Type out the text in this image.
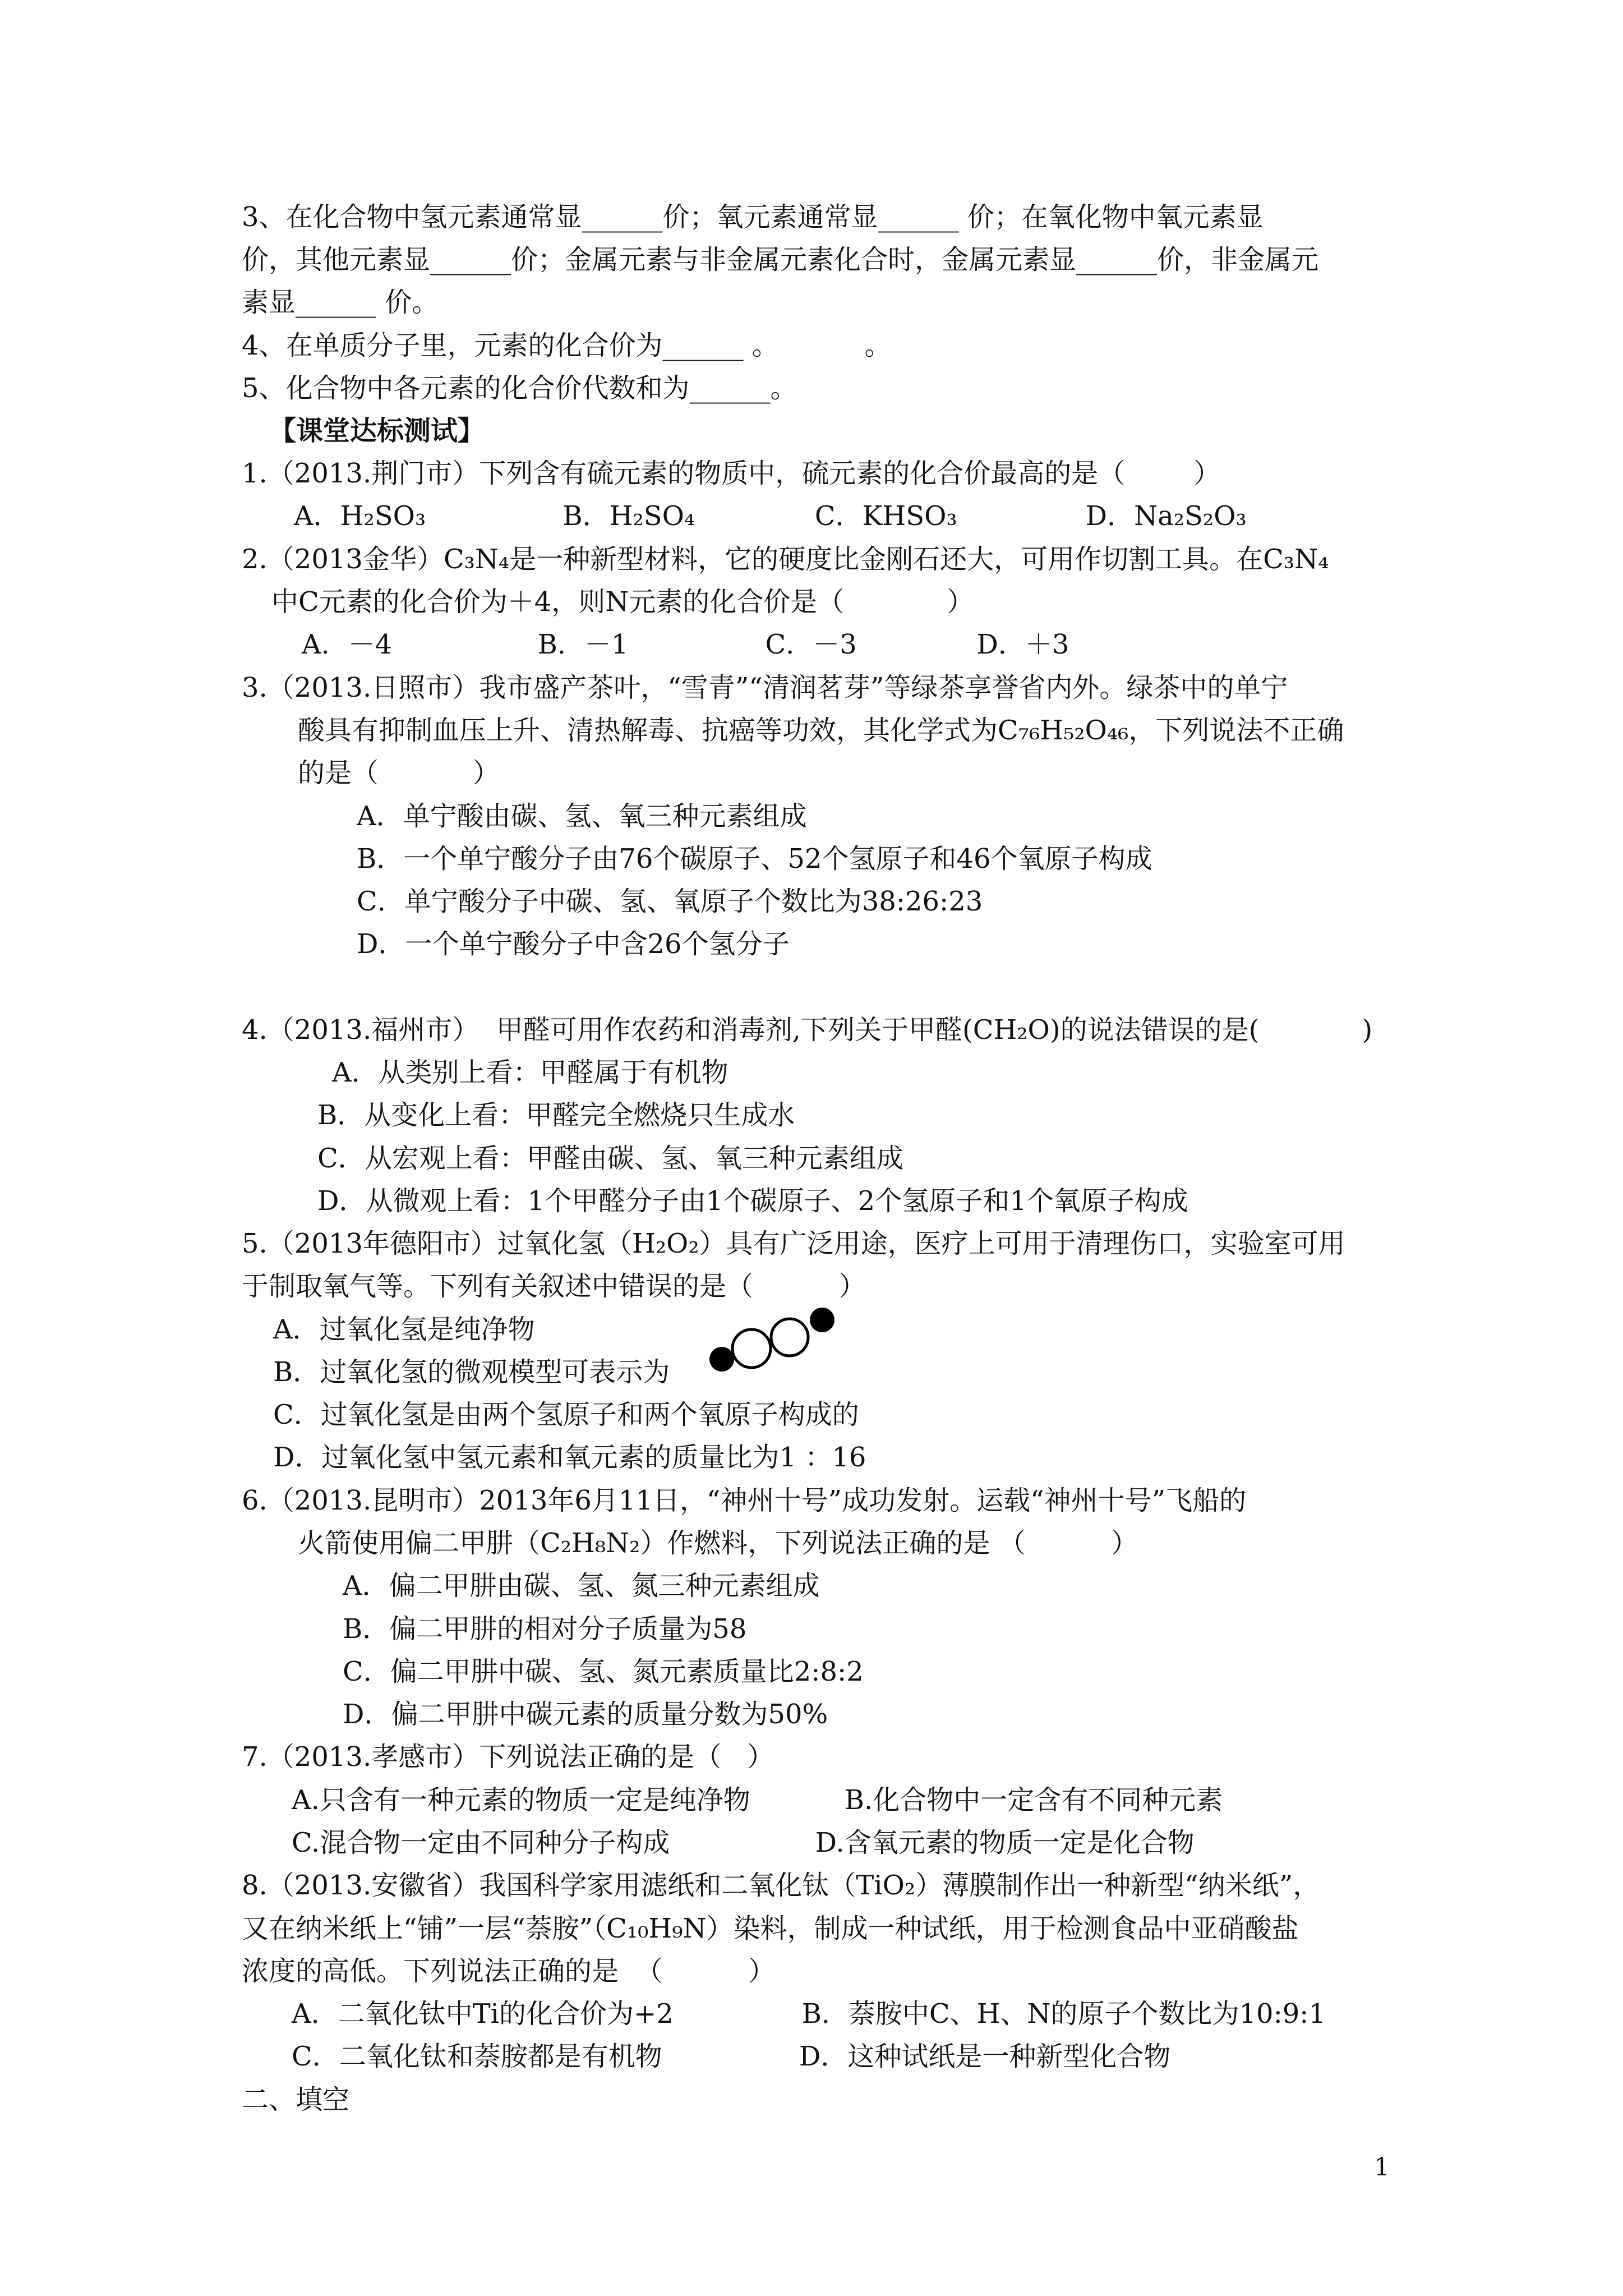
3、在化合物中氢元素通常显______价；氧元素通常显______ 价；在氧化物中氧元素显
价，其他元素显______价；金属元素与非金属元素化合时，金属元素显______价，非金属元
素显______ 价。
4、在单质分子里，元素的化合价为______ 。          。
5、化合物中各元素的化合价代数和为______。
【课堂达标测试】
1.（2013.荆门市）下列含有硫元素的物质中，硫元素的化合价最高的是（        ）
A．H₂SO₃                B．H₂SO₄              C．KHSO₃               D．Na₂S₂O₃
2.（2013金华）C₃N₄是一种新型材料，它的硬度比金刚石还大，可用作切割工具。在C₃N₄
中C元素的化合价为＋4，则N元素的化合价是（            ）
A．－4                 B．－1                C．－3              D．＋3
3.（2013.日照市）我市盛产茶叶，“雪青”“清润茗芽”等绿茶享誉省内外。绿茶中的单宁
酸具有抑制血压上升、清热解毒、抗癌等功效，其化学式为C₇₆H₅₂O₄₆，下列说法不正确
的是（           ）
A．单宁酸由碳、氢、氧三种元素组成
B．一个单宁酸分子由76个碳原子、52个氢原子和46个氧原子构成
C．单宁酸分子中碳、氢、氧原子个数比为38:26:23
D．一个单宁酸分子中含26个氢分子
4.（2013.福州市）  甲醛可用作农药和消毒剂,下列关于甲醛(CH₂O)的说法错误的是(            )
A．从类别上看：甲醛属于有机物
B．从变化上看：甲醛完全燃烧只生成水
C．从宏观上看：甲醛由碳、氢、氧三种元素组成
D．从微观上看：1个甲醛分子由1个碳原子、2个氢原子和1个氧原子构成
5.（2013年德阳市）过氧化氢（H₂O₂）具有广泛用途，医疗上可用于清理伤口，实验室可用
于制取氧气等。下列有关叙述中错误的是（          ）
A．过氧化氢是纯净物
B．过氧化氢的微观模型可表示为
C．过氧化氢是由两个氢原子和两个氧原子构成的
D．过氧化氢中氢元素和氧元素的质量比为1 ：16
6.（2013.昆明市）2013年6月11日，“神州十号”成功发射。运载“神州十号”飞船的
火箭使用偏二甲肼（C₂H₈N₂）作燃料，下列说法正确的是 （          ）
A．偏二甲肼由碳、氢、氮三种元素组成
B．偏二甲肼的相对分子质量为58
C．偏二甲肼中碳、氢、氮元素质量比2:8:2
D．偏二甲肼中碳元素的质量分数为50%
7.（2013.孝感市）下列说法正确的是（   ）
A.只含有一种元素的物质一定是纯净物           B.化合物中一定含有不同种元素
C.混合物一定由不同种分子构成                 D.含氧元素的物质一定是化合物
8.（2013.安徽省）我国科学家用滤纸和二氧化钛（TiO₂）薄膜制作出一种新型“纳米纸”，
又在纳米纸上“铺”一层“萘胺”（C₁₀H₉N）染料，制成一种试纸，用于检测食品中亚硝酸盐
浓度的高低。下列说法正确的是  （          ）
A．二氧化钛中Ti的化合价为+2               B．萘胺中C、H、N的原子个数比为10:9:1
C．二氧化钛和萘胺都是有机物                D．这种试纸是一种新型化合物
二、填空
1
